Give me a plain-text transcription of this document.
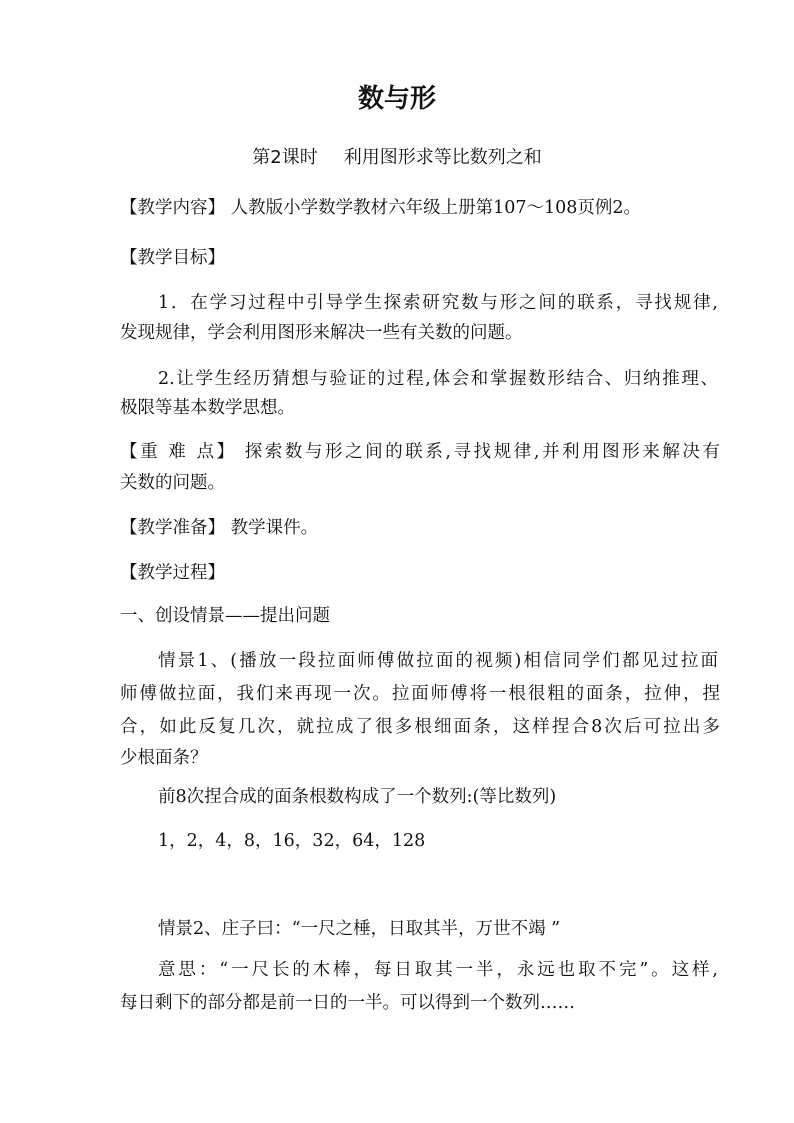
数与形
第2课时 利用图形求等比数列之和
【教学内容】 人教版小学数学教材六年级上册第107～108页例2。
【教学目标】
1．在学习过程中引导学生探索研究数与形之间的联系，寻找规律,
发现规律，学会利用图形来解决一些有关数的问题。
2.让学生经历猜想与验证的过程,体会和掌握数形结合、归纳推理、
极限等基本数学思想。
【重 难 点】 探索数与形之间的联系,寻找规律,并利用图形来解决有
关数的问题。
【教学准备】 教学课件。
【教学过程】
一、创设情景——提出问题
情景1、(播放一段拉面师傅做拉面的视频)相信同学们都见过拉面
师傅做拉面，我们来再现一次。拉面师傅将一根很粗的面条，拉伸，捏
合，如此反复几次，就拉成了很多根细面条，这样捏合8次后可拉出多
少根面条？
前8次捏合成的面条根数构成了一个数列:(等比数列)
1，2，4，8，16，32，64，128
情景2、庄子曰：“一尺之棰，日取其半，万世不竭 ”
意思：“一尺长的木棒，每日取其一半，永远也取不完”。这样,
每日剩下的部分都是前一日的一半。可以得到一个数列……
